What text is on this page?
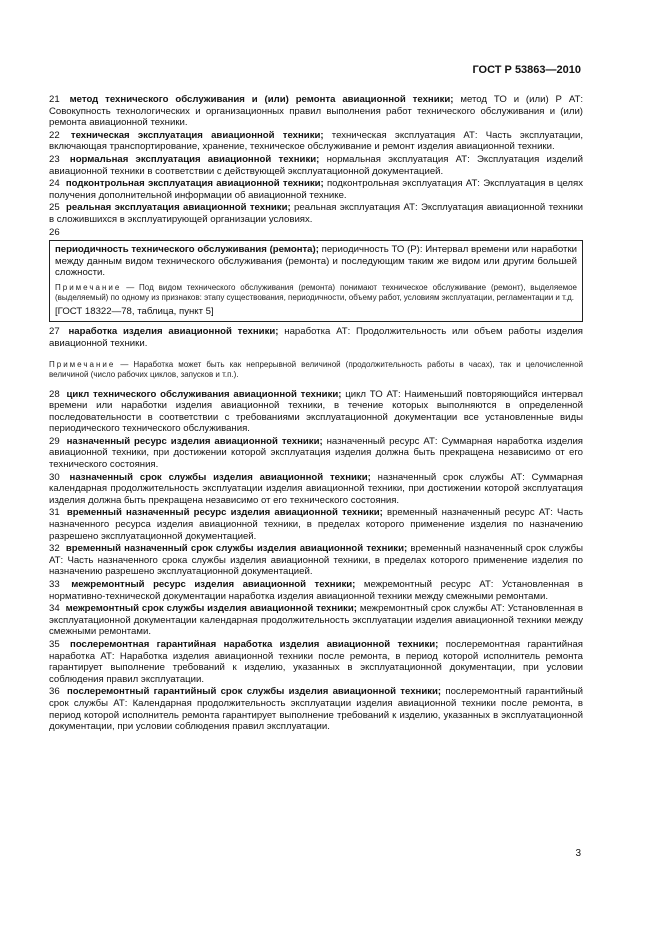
ГОСТ Р 53863—2010

21 метод технического обслуживания и (или) ремонта авиационной техники; метод ТО и (или) Р АТ: Совокупность технологических и организационных правил выполнения работ технического обслуживания и (или) ремонта авиационной техники.

22 техническая эксплуатация авиационной техники; техническая эксплуатация АТ: Часть эксплуатации, включающая транспортирование, хранение, техническое обслуживание и ремонт изделия авиационной техники.

23 нормальная эксплуатация авиационной техники; нормальная эксплуатация АТ: Эксплуатация изделий авиационной техники в соответствии с действующей эксплуатационной документацией.

24 подконтрольная эксплуатация авиационной техники; подконтрольная эксплуатация АТ: Эксплуатация в целях получения дополнительной информации об авиационной технике.

25 реальная эксплуатация авиационной техники; реальная эксплуатация АТ: Эксплуатация авиационной техники в сложившихся в эксплуатирующей организации условиях.

26

периодичность технического обслуживания (ремонта); периодичность ТО (Р): Интервал времени или наработки между данным видом технического обслуживания (ремонта) и последующим таким же видом или другим большей сложности.

Примечание — Под видом технического обслуживания (ремонта) понимают техническое обслуживание (ремонт), выделяемое (выделяемый) по одному из признаков: этапу существования, периодичности, объему работ, условиям эксплуатации, регламентации и т.д.

[ГОСТ 18322—78, таблица, пункт 5]

27 наработка изделия авиационной техники; наработка АТ: Продолжительность или объем работы изделия авиационной техники.

Примечание — Наработка может быть как непрерывной величиной (продолжительность работы в часах), так и целочисленной величиной (число рабочих циклов, запусков и т.п.).

28 цикл технического обслуживания авиационной техники; цикл ТО АТ: Наименьший повторяющийся интервал времени или наработки изделия авиационной техники, в течение которых выполняются в определенной последовательности в соответствии с требованиями эксплуатационной документации все установленные виды периодического технического обслуживания.

29 назначенный ресурс изделия авиационной техники; назначенный ресурс АТ: Суммарная наработка изделия авиационной техники, при достижении которой эксплуатация изделия должна быть прекращена независимо от его технического состояния.

30 назначенный срок службы изделия авиационной техники; назначенный срок службы АТ: Суммарная календарная продолжительность эксплуатации изделия авиационной техники, при достижении которой эксплуатация изделия должна быть прекращена независимо от его технического состояния.

31 временный назначенный ресурс изделия авиационной техники; временный назначенный ресурс АТ: Часть назначенного ресурса изделия авиационной техники, в пределах которого применение изделия по назначению разрешено эксплуатационной документацией.

32 временный назначенный срок службы изделия авиационной техники; временный назначенный срок службы АТ: Часть назначенного срока службы изделия авиационной техники, в пределах которого применение изделия по назначению разрешено эксплуатационной документацией.

33 межремонтный ресурс изделия авиационной техники; межремонтный ресурс АТ: Установленная в нормативно-технической документации наработка изделия авиационной техники между смежными ремонтами.

34 межремонтный срок службы изделия авиационной техники; межремонтный срок службы АТ: Установленная в эксплуатационной документации календарная продолжительность эксплуатации изделия авиационной техники между смежными ремонтами.

35 послеремонтная гарантийная наработка изделия авиационной техники; послеремонтная гарантийная наработка АТ: Наработка изделия авиационной техники после ремонта, в период которой исполнитель ремонта гарантирует выполнение требований к изделию, указанных в эксплуатационной документации, при условии соблюдения правил эксплуатации.

36 послеремонтный гарантийный срок службы изделия авиационной техники; послеремонтный гарантийный срок службы АТ: Календарная продолжительность эксплуатации изделия авиационной техники после ремонта, в период которой исполнитель ремонта гарантирует выполнение требований к изделию, указанных в эксплуатационной документации, при условии соблюдения правил эксплуатации.

3
